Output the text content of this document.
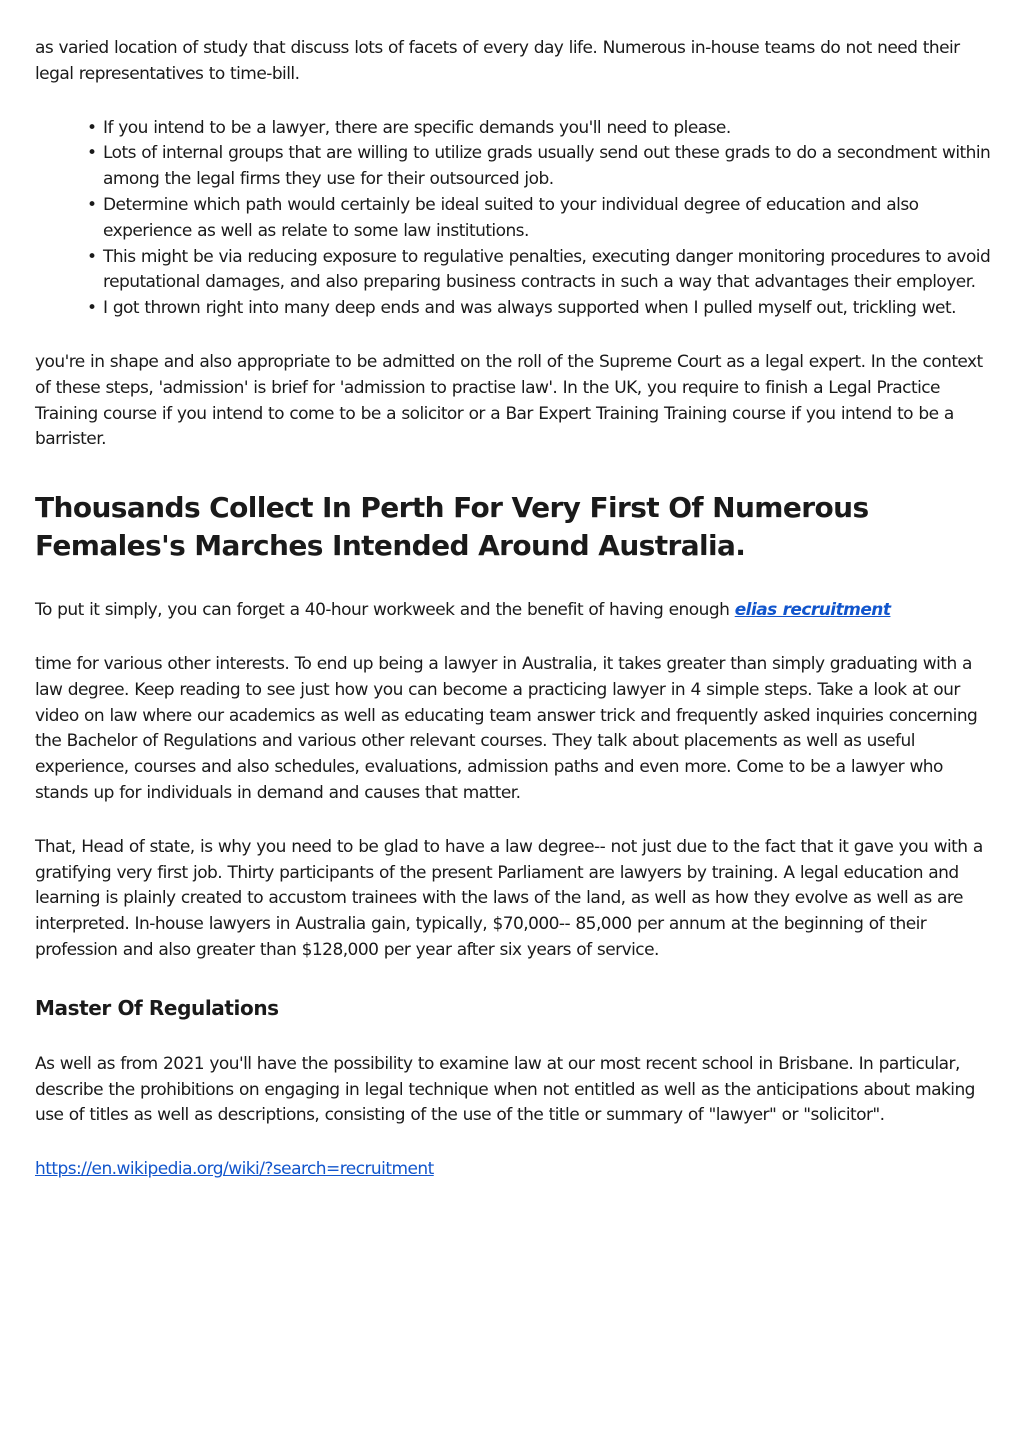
as varied location of study that discuss lots of facets of every day life. Numerous in-house teams do not need their legal representatives to time-bill.

• If you intend to be a lawyer, there are specific demands you'll need to please.
• Lots of internal groups that are willing to utilize grads usually send out these grads to do a secondment within among the legal firms they use for their outsourced job.
• Determine which path would certainly be ideal suited to your individual degree of education and also experience as well as relate to some law institutions.
• This might be via reducing exposure to regulative penalties, executing danger monitoring procedures to avoid reputational damages, and also preparing business contracts in such a way that advantages their employer.
• I got thrown right into many deep ends and was always supported when I pulled myself out, trickling wet.

you're in shape and also appropriate to be admitted on the roll of the Supreme Court as a legal expert. In the context of these steps, 'admission' is brief for 'admission to practise law'. In the UK, you require to finish a Legal Practice Training course if you intend to come to be a solicitor or a Bar Expert Training Training course if you intend to be a barrister.

Thousands Collect In Perth For Very First Of Numerous Females's Marches Intended Around Australia.

To put it simply, you can forget a 40-hour workweek and the benefit of having enough elias recruitment

time for various other interests. To end up being a lawyer in Australia, it takes greater than simply graduating with a law degree. Keep reading to see just how you can become a practicing lawyer in 4 simple steps. Take a look at our video on law where our academics as well as educating team answer trick and frequently asked inquiries concerning the Bachelor of Regulations and various other relevant courses. They talk about placements as well as useful experience, courses and also schedules, evaluations, admission paths and even more. Come to be a lawyer who stands up for individuals in demand and causes that matter.

That, Head of state, is why you need to be glad to have a law degree-- not just due to the fact that it gave you with a gratifying very first job. Thirty participants of the present Parliament are lawyers by training. A legal education and learning is plainly created to accustom trainees with the laws of the land, as well as how they evolve as well as are interpreted. In-house lawyers in Australia gain, typically, $70,000-- 85,000 per annum at the beginning of their profession and also greater than $128,000 per year after six years of service.

Master Of Regulations

As well as from 2021 you'll have the possibility to examine law at our most recent school in Brisbane. In particular, describe the prohibitions on engaging in legal technique when not entitled as well as the anticipations about making use of titles as well as descriptions, consisting of the use of the title or summary of "lawyer" or "solicitor".

https://en.wikipedia.org/wiki/?search=recruitment
